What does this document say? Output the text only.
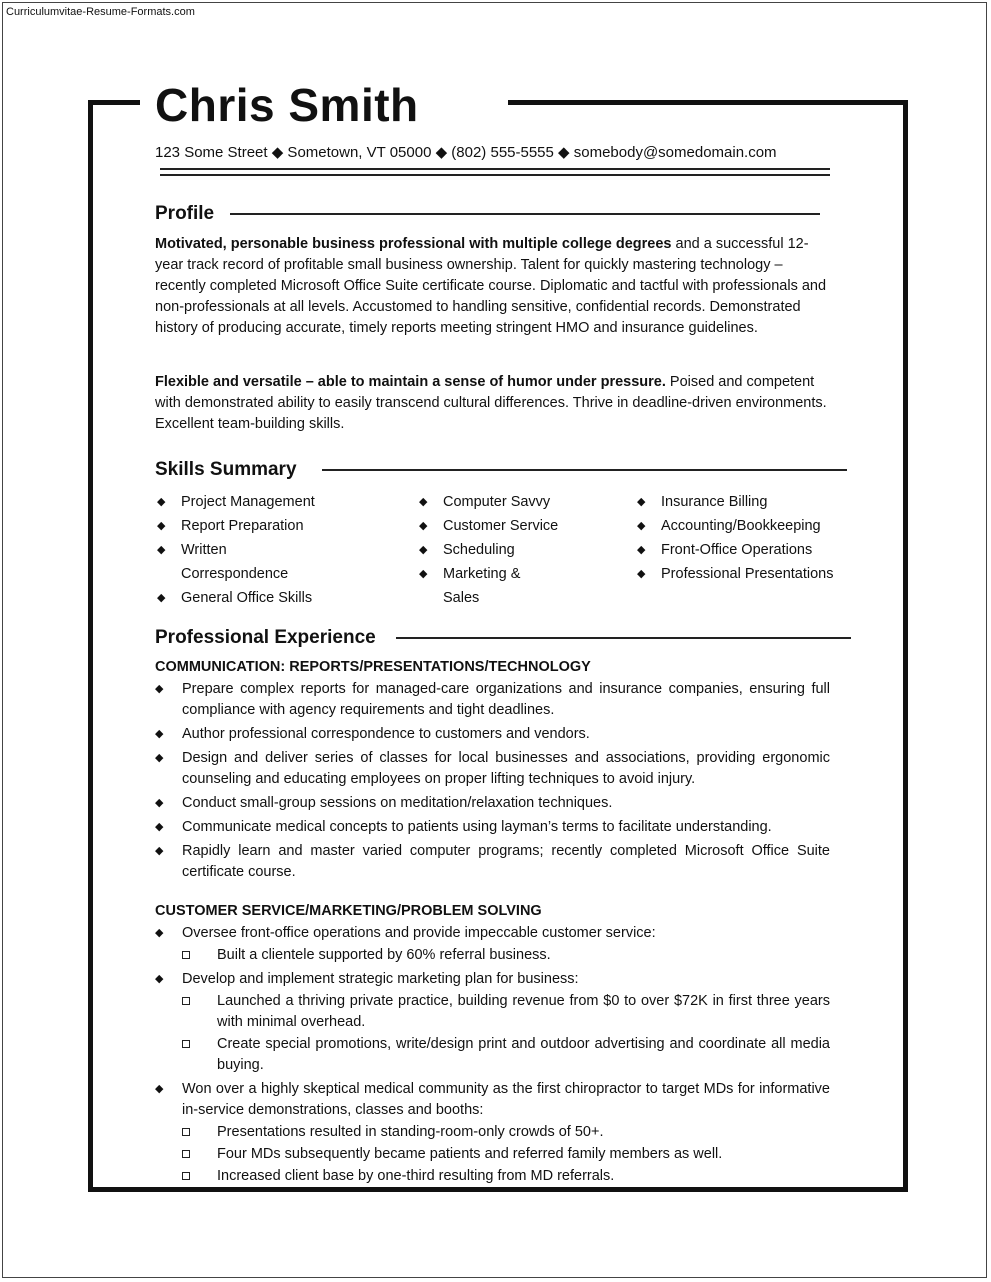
Curriculumvitae-Resume-Formats.com
Chris Smith
123 Some Street ◆ Sometown, VT 05000 ◆ (802) 555-5555 ◆ somebody@somedomain.com
Profile
Motivated, personable business professional with multiple college degrees and a successful 12-year track record of profitable small business ownership. Talent for quickly mastering technology – recently completed Microsoft Office Suite certificate course. Diplomatic and tactful with professionals and non-professionals at all levels. Accustomed to handling sensitive, confidential records. Demonstrated history of producing accurate, timely reports meeting stringent HMO and insurance guidelines.
Flexible and versatile – able to maintain a sense of humor under pressure. Poised and competent with demonstrated ability to easily transcend cultural differences. Thrive in deadline-driven environments. Excellent team-building skills.
Skills Summary
◆ Project Management
◆ Report Preparation
◆ Written Correspondence
◆ General Office Skills
◆ Computer Savvy
◆ Customer Service
◆ Scheduling
◆ Marketing & Sales
◆ Insurance Billing
◆ Accounting/Bookkeeping
◆ Front-Office Operations
◆ Professional Presentations
Professional Experience
COMMUNICATION: REPORTS/PRESENTATIONS/TECHNOLOGY
◆ Prepare complex reports for managed-care organizations and insurance companies, ensuring full compliance with agency requirements and tight deadlines.
◆ Author professional correspondence to customers and vendors.
◆ Design and deliver series of classes for local businesses and associations, providing ergonomic counseling and educating employees on proper lifting techniques to avoid injury.
◆ Conduct small-group sessions on meditation/relaxation techniques.
◆ Communicate medical concepts to patients using layman’s terms to facilitate understanding.
◆ Rapidly learn and master varied computer programs; recently completed Microsoft Office Suite certificate course.
CUSTOMER SERVICE/MARKETING/PROBLEM SOLVING
◆ Oversee front-office operations and provide impeccable customer service:
Built a clientele supported by 60% referral business.
◆ Develop and implement strategic marketing plan for business:
Launched a thriving private practice, building revenue from $0 to over $72K in first three years with minimal overhead.
Create special promotions, write/design print and outdoor advertising and coordinate all media buying.
◆ Won over a highly skeptical medical community as the first chiropractor to target MDs for informative in-service demonstrations, classes and booths:
Presentations resulted in standing-room-only crowds of 50+.
Four MDs subsequently became patients and referred family members as well.
Increased client base by one-third resulting from MD referrals.
